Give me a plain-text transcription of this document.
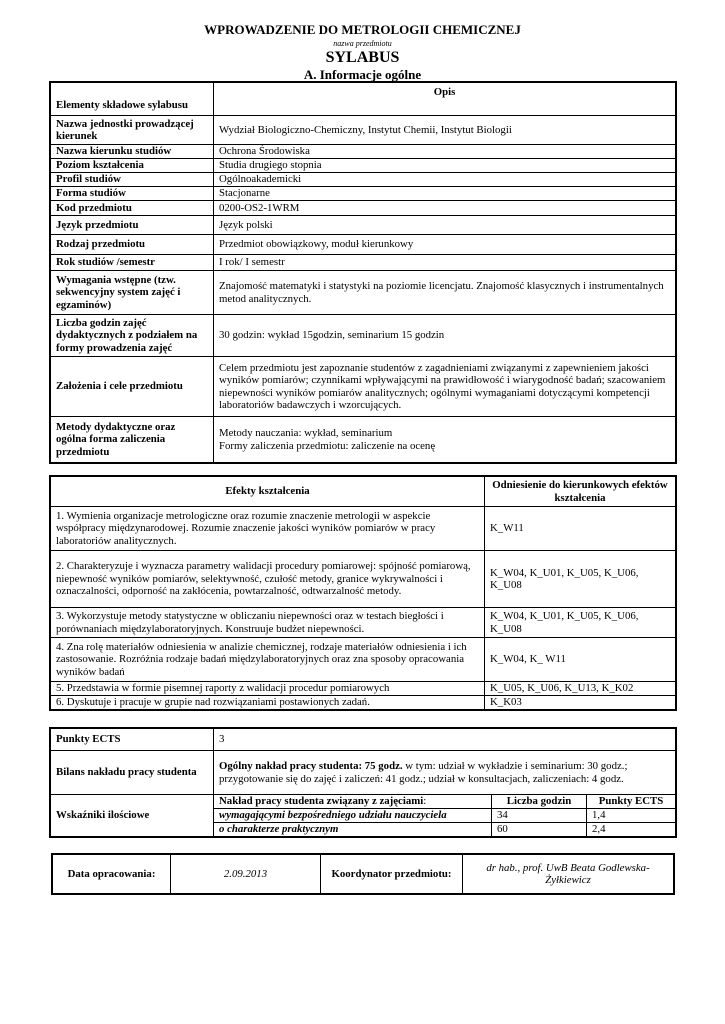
WPROWADZENIE DO METROLOGII CHEMICZNEJ
nazwa przedmiotu
SYLABUS
A. Informacje ogólne
Elementy składowe sylabusu	Opis
Nazwa jednostki prowadzącej kierunek	Wydział Biologiczno-Chemiczny, Instytut Chemii, Instytut Biologii
Nazwa kierunku studiów	Ochrona Środowiska
Poziom kształcenia	Studia drugiego stopnia
Profil studiów	Ogólnoakademicki
Forma studiów	Stacjonarne
Kod przedmiotu	0200-OS2-1WRM
Język przedmiotu	Język polski
Rodzaj przedmiotu	Przedmiot obowiązkowy, moduł kierunkowy
Rok studiów /semestr	I rok/ I semestr
Wymagania wstępne (tzw. sekwencyjny system zajęć i egzaminów)	Znajomość matematyki i statystyki na poziomie licencjatu. Znajomość klasycznych i instrumentalnych metod analitycznych.
Liczba godzin zajęć dydaktycznych z podziałem na formy prowadzenia zajęć	30 godzin: wykład 15godzin, seminarium 15 godzin
Założenia i cele przedmiotu	Celem przedmiotu jest zapoznanie studentów z zagadnieniami związanymi z zapewnieniem jakości wyników pomiarów; czynnikami wpływającymi na prawidłowość i wiarygodność badań; szacowaniem niepewności wyników pomiarów analitycznych; ogólnymi wymaganiami dotyczącymi kompetencji laboratoriów badawczych i wzorcujących.
Metody dydaktyczne oraz ogólna forma zaliczenia przedmiotu	Metody nauczania: wykład, seminarium
Formy zaliczenia przedmiotu: zaliczenie na ocenę
Efekty kształcenia	Odniesienie do kierunkowych efektów kształcenia
1. Wymienia organizacje metrologiczne oraz rozumie znaczenie metrologii w aspekcie współpracy międzynarodowej. Rozumie znaczenie jakości wyników pomiarów w pracy laboratoriów analitycznych.	K_W11
2. Charakteryzuje i wyznacza parametry walidacji procedury pomiarowej: spójność pomiarową, niepewność wyników pomiarów, selektywność, czułość metody, granice wykrywalności i oznaczalności, odporność na zakłócenia, powtarzalność, odtwarzalność metody.	K_W04, K_U01, K_U05, K_U06, K_U08
3. Wykorzystuje metody statystyczne w obliczaniu niepewności oraz w testach biegłości i porównaniach międzylaboratoryjnych. Konstruuje budżet niepewności.	K_W04, K_U01, K_U05, K_U06, K_U08
4. Zna rolę materiałów odniesienia w analizie chemicznej, rodzaje materiałów odniesienia i ich zastosowanie. Rozróżnia rodzaje badań międzylaboratoryjnych oraz zna sposoby opracowania wyników badań	K_W04, K_ W11
5. Przedstawia w formie pisemnej raporty z walidacji procedur pomiarowych	K_U05, K_U06, K_U13, K_K02
6. Dyskutuje i pracuje w grupie nad rozwiązaniami postawionych zadań.	K_K03
Punkty ECTS	3		
Bilans nakładu pracy studenta	Ogólny nakład pracy studenta: 75 godz. w tym: udział w wykładzie i seminarium: 30 godz.; przygotowanie się do zajęć i zaliczeń: 41 godz.; udział w konsultacjach, zaliczeniach: 4 godz.		
Wskaźniki ilościowe	Nakład pracy studenta związany z zajęciami:	Liczba godzin	Punkty ECTS
	wymagającymi bezpośredniego udziału nauczyciela	34	1,4
	o charakterze praktycznym	60	2,4
Data opracowania:	2.09.2013	Koordynator przedmiotu:	dr hab., prof. UwB Beata Godlewska-Żyłkiewicz
